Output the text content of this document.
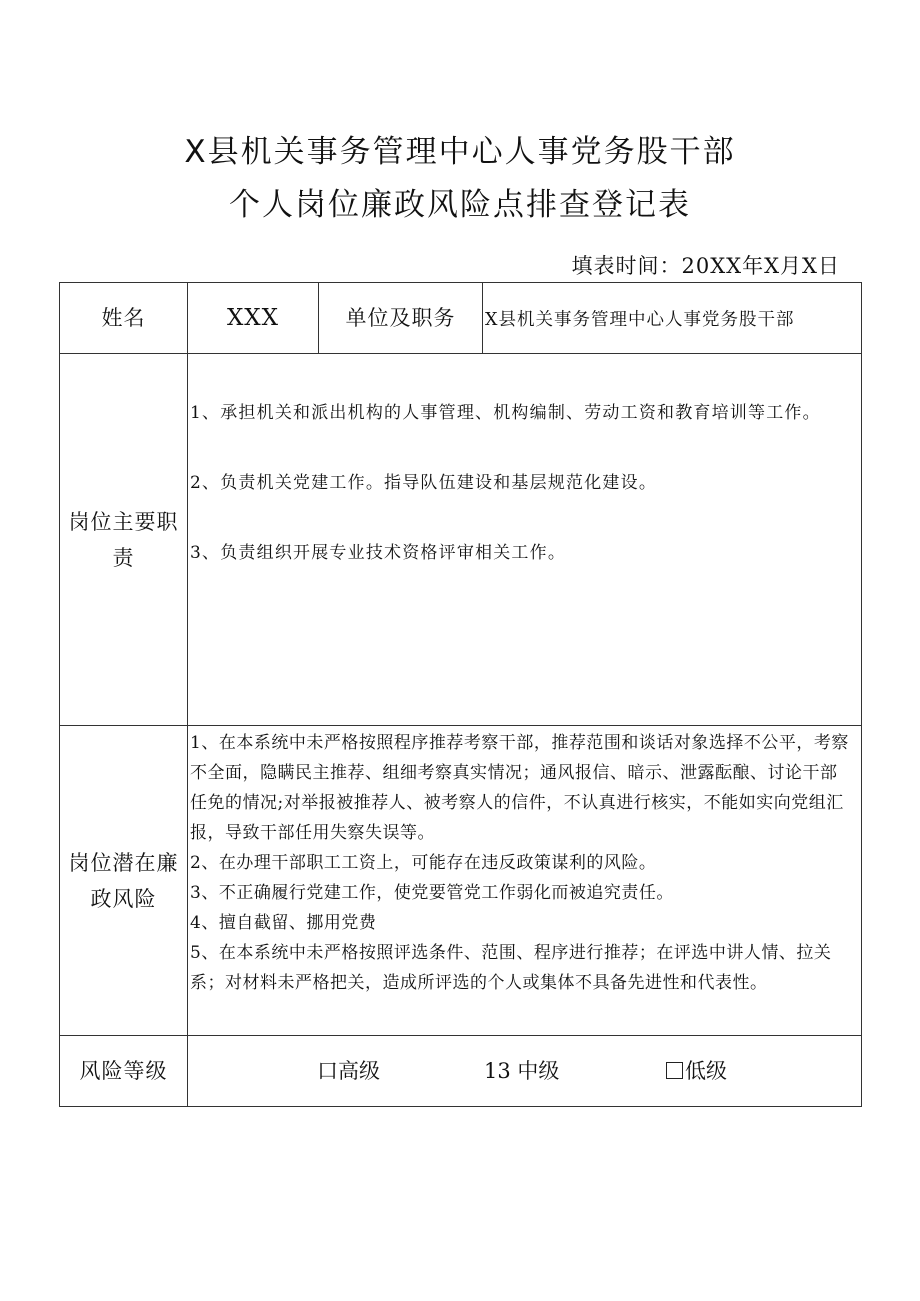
X县机关事务管理中心人事党务股干部
个人岗位廉政风险点排查登记表
填表时间：20XX年X月X日
姓名	XXX	单位及职务	X县机关事务管理中心人事党务股干部
岗位主要职责	1、承担机关和派出机构的人事管理、机构编制、劳动工资和教育培训等工作。

2、负责机关党建工作。指导队伍建设和基层规范化建设。

3、负责组织开展专业技术资格评审相关工作。		

岗位潜在廉政风险	1、在本系统中未严格按照程序推荐考察干部，推荐范围和谈话对象选择不公平，考察不全面，隐瞒民主推荐、组细考察真实情况；通风报信、暗示、泄露酝酿、讨论干部任免的情况;对举报被推荐人、被考察人的信件，不认真进行核实，不能如实向党组汇报，导致干部任用失察失误等。

2、在办理干部职工工资上，可能存在违反政策谋利的风险。

3、不正确履行党建工作，使党要管党工作弱化而被追究责任。

4、擅自截留、挪用党费

5、在本系统中未严格按照评选条件、范围、程序进行推荐；在评选中讲人情、拉关系；对材料未严格把关，造成所评选的个人或集体不具备先进性和代表性。		

风险等级	口高级 13 中级 低级		
